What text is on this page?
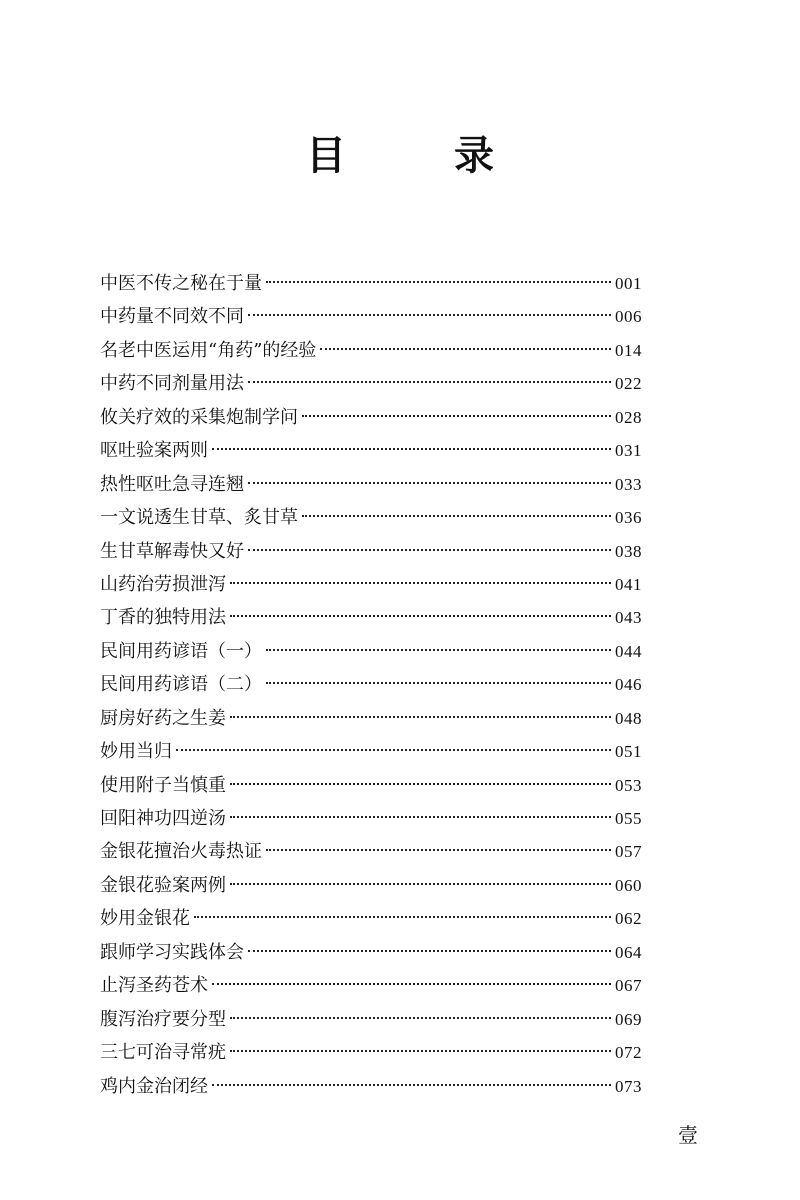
目　录
中医不传之秘在于量	001
中药量不同效不同	006
名老中医运用“角药”的经验	014
中药不同剂量用法	022
攸关疗效的采集炮制学问	028
呕吐验案两则	031
热性呕吐急寻连翘	033
一文说透生甘草、炙甘草	036
生甘草解毒快又好	038
山药治劳损泄泻	041
丁香的独特用法	043
民间用药谚语（一）	044
民间用药谚语（二）	046
厨房好药之生姜	048
妙用当归	051
使用附子当慎重	053
回阳神功四逆汤	055
金银花擅治火毒热证	057
金银花验案两例	060
妙用金银花	062
跟师学习实践体会	064
止泻圣药苍术	067
腹泻治疗要分型	069
三七可治寻常疣	072
鸡内金治闭经	073

壹
